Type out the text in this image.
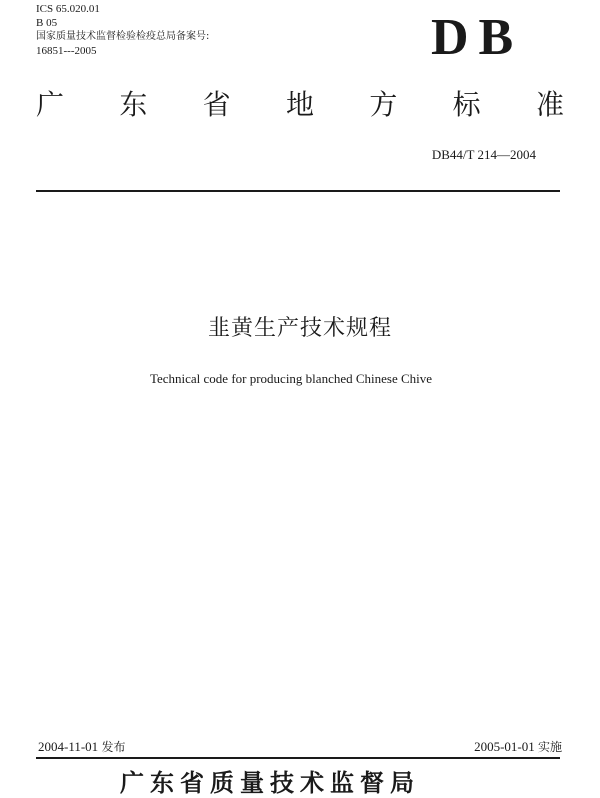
ICS 65.020.01
B 05
国家质量技术监督检验检疫总局备案号:
16851---2005	DB
广 东 省 地 方 标 准
DB44/T 214—2004
韭黄生产技术规程
Technical code for producing blanched Chinese Chive
2004-11-01 发布	2005-01-01 实施
广东省质量技术监督局
